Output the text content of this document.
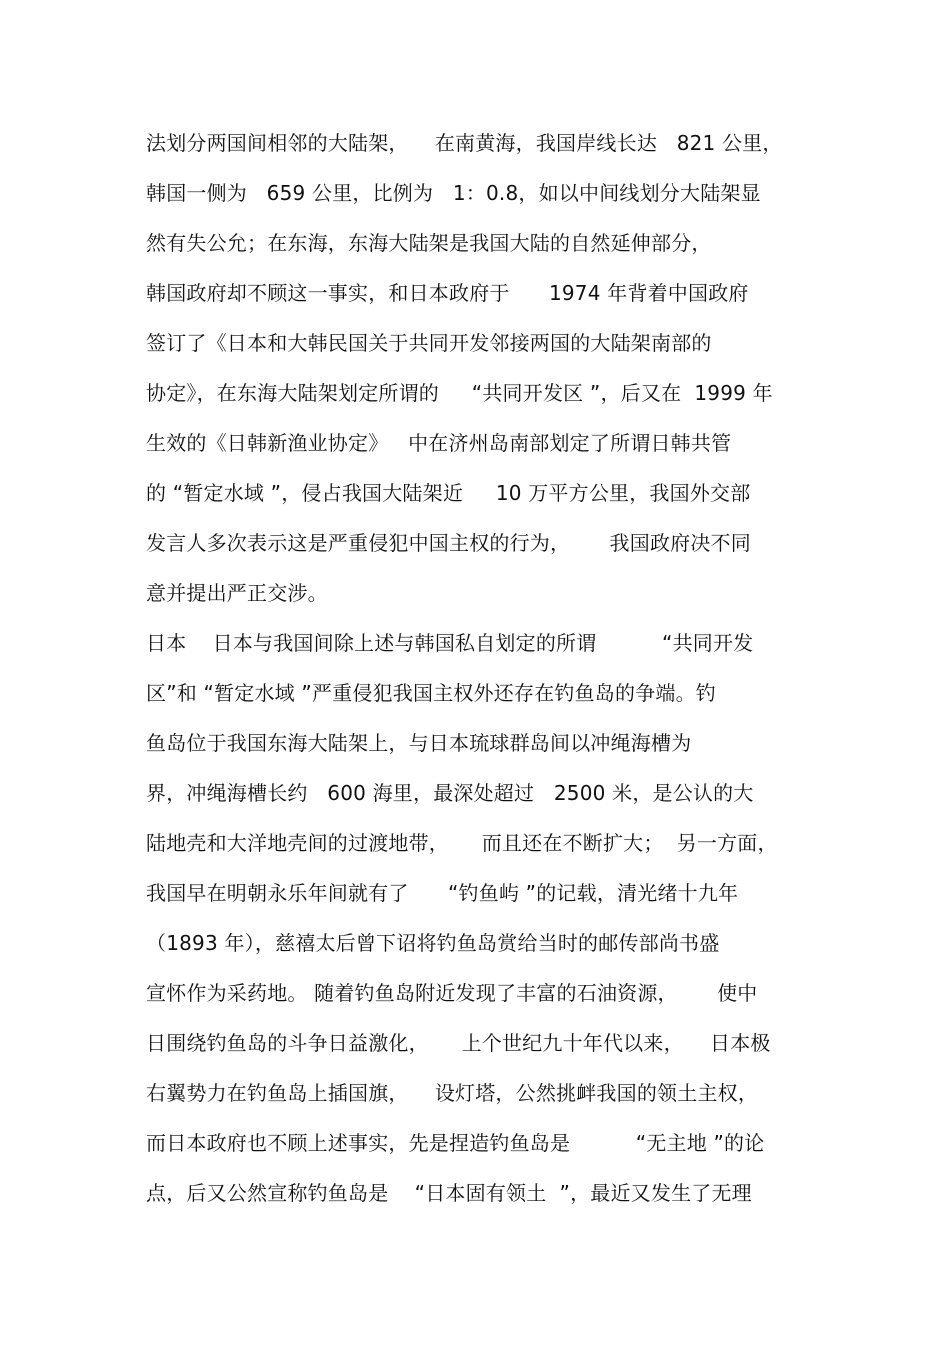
法划分两国间相邻的大陆架，    在南黄海，我国岸线长达   821 公里，
韩国一侧为   659 公里，比例为   1：0.8，如以中间线划分大陆架显
然有失公允；在东海，东海大陆架是我国大陆的自然延伸部分，
韩国政府却不顾这一事实，和日本政府于      1974 年背着中国政府
签订了《日本和大韩民国关于共同开发邻接两国的大陆架南部的
协定》，在东海大陆架划定所谓的     “共同开发区 ”，后又在  1999 年
生效的《日韩新渔业协定》   中在济州岛南部划定了所谓日韩共管
的 “暂定水域 ”，侵占我国大陆架近     10 万平方公里，我国外交部
发言人多次表示这是严重侵犯中国主权的行为，      我国政府决不同
意并提出严正交涉。
日本    日本与我国间除上述与韩国私自划定的所谓          “共同开发
区”和 “暂定水域 ”严重侵犯我国主权外还存在钓鱼岛的争端。钓
鱼岛位于我国东海大陆架上，与日本琉球群岛间以冲绳海槽为
界，冲绳海槽长约   600 海里，最深处超过   2500 米，是公认的大
陆地壳和大洋地壳间的过渡地带，     而且还在不断扩大；  另一方面，
我国早在明朝永乐年间就有了      “钓鱼屿 ”的记载，清光绪十九年
（1893 年），慈禧太后曾下诏将钓鱼岛赏给当时的邮传部尚书盛
宣怀作为采药地。 随着钓鱼岛附近发现了丰富的石油资源，      使中
日围绕钓鱼岛的斗争日益激化，     上个世纪九十年代以来，    日本极
右翼势力在钓鱼岛上插国旗，    设灯塔，公然挑衅我国的领土主权，
而日本政府也不顾上述事实，先是捏造钓鱼岛是          “无主地 ”的论
点，后又公然宣称钓鱼岛是    “日本固有领土  ”，最近又发生了无理
